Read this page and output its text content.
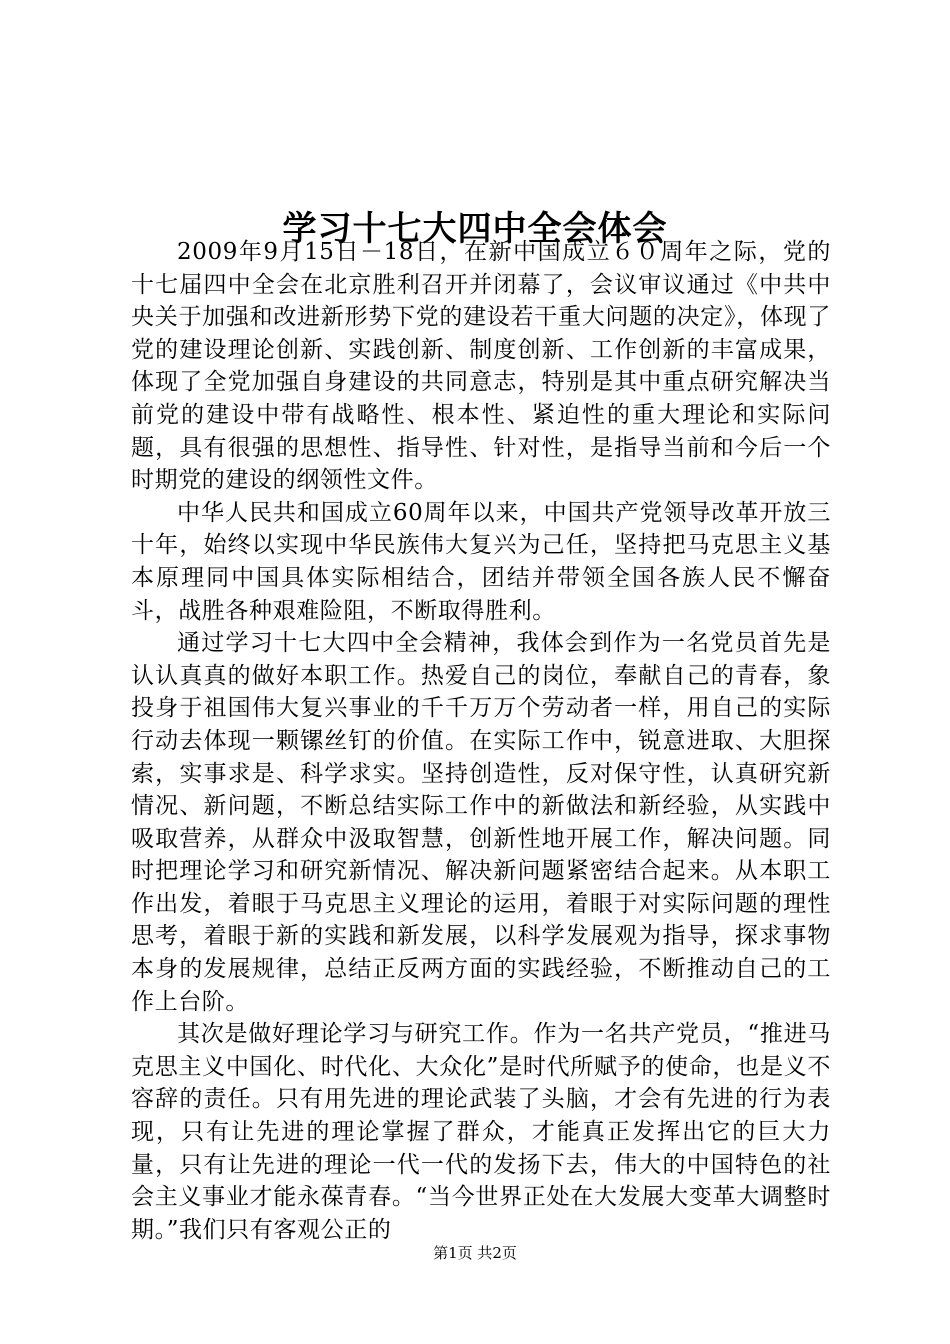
学习十七大四中全会体会

2009年9月15日－18日，在新中国成立６０周年之际，党的十七届四中全会在北京胜利召开并闭幕了，会议审议通过《中共中央关于加强和改进新形势下党的建设若干重大问题的决定》，体现了党的建设理论创新、实践创新、制度创新、工作创新的丰富成果，体现了全党加强自身建设的共同意志，特别是其中重点研究解决当前党的建设中带有战略性、根本性、紧迫性的重大理论和实际问题，具有很强的思想性、指导性、针对性，是指导当前和今后一个时期党的建设的纲领性文件。

中华人民共和国成立60周年以来，中国共产党领导改革开放三十年，始终以实现中华民族伟大复兴为己任，坚持把马克思主义基本原理同中国具体实际相结合，团结并带领全国各族人民不懈奋斗，战胜各种艰难险阻，不断取得胜利。

通过学习十七大四中全会精神，我体会到作为一名党员首先是认认真真的做好本职工作。热爱自己的岗位，奉献自己的青春，象投身于祖国伟大复兴事业的千千万万个劳动者一样，用自己的实际行动去体现一颗镙丝钉的价值。在实际工作中，锐意进取、大胆探索，实事求是、科学求实。坚持创造性，反对保守性，认真研究新情况、新问题，不断总结实际工作中的新做法和新经验，从实践中吸取营养，从群众中汲取智慧，创新性地开展工作，解决问题。同时把理论学习和研究新情况、解决新问题紧密结合起来。从本职工作出发，着眼于马克思主义理论的运用，着眼于对实际问题的理性思考，着眼于新的实践和新发展，以科学发展观为指导，探求事物本身的发展规律，总结正反两方面的实践经验，不断推动自己的工作上台阶。

其次是做好理论学习与研究工作。作为一名共产党员，“推进马克思主义中国化、时代化、大众化”是时代所赋予的使命，也是义不容辞的责任。只有用先进的理论武装了头脑，才会有先进的行为表现，只有让先进的理论掌握了群众，才能真正发挥出它的巨大力量，只有让先进的理论一代一代的发扬下去，伟大的中国特色的社会主义事业才能永葆青春。“当今世界正处在大发展大变革大调整时期。”我们只有客观公正的

第1页 共2页
